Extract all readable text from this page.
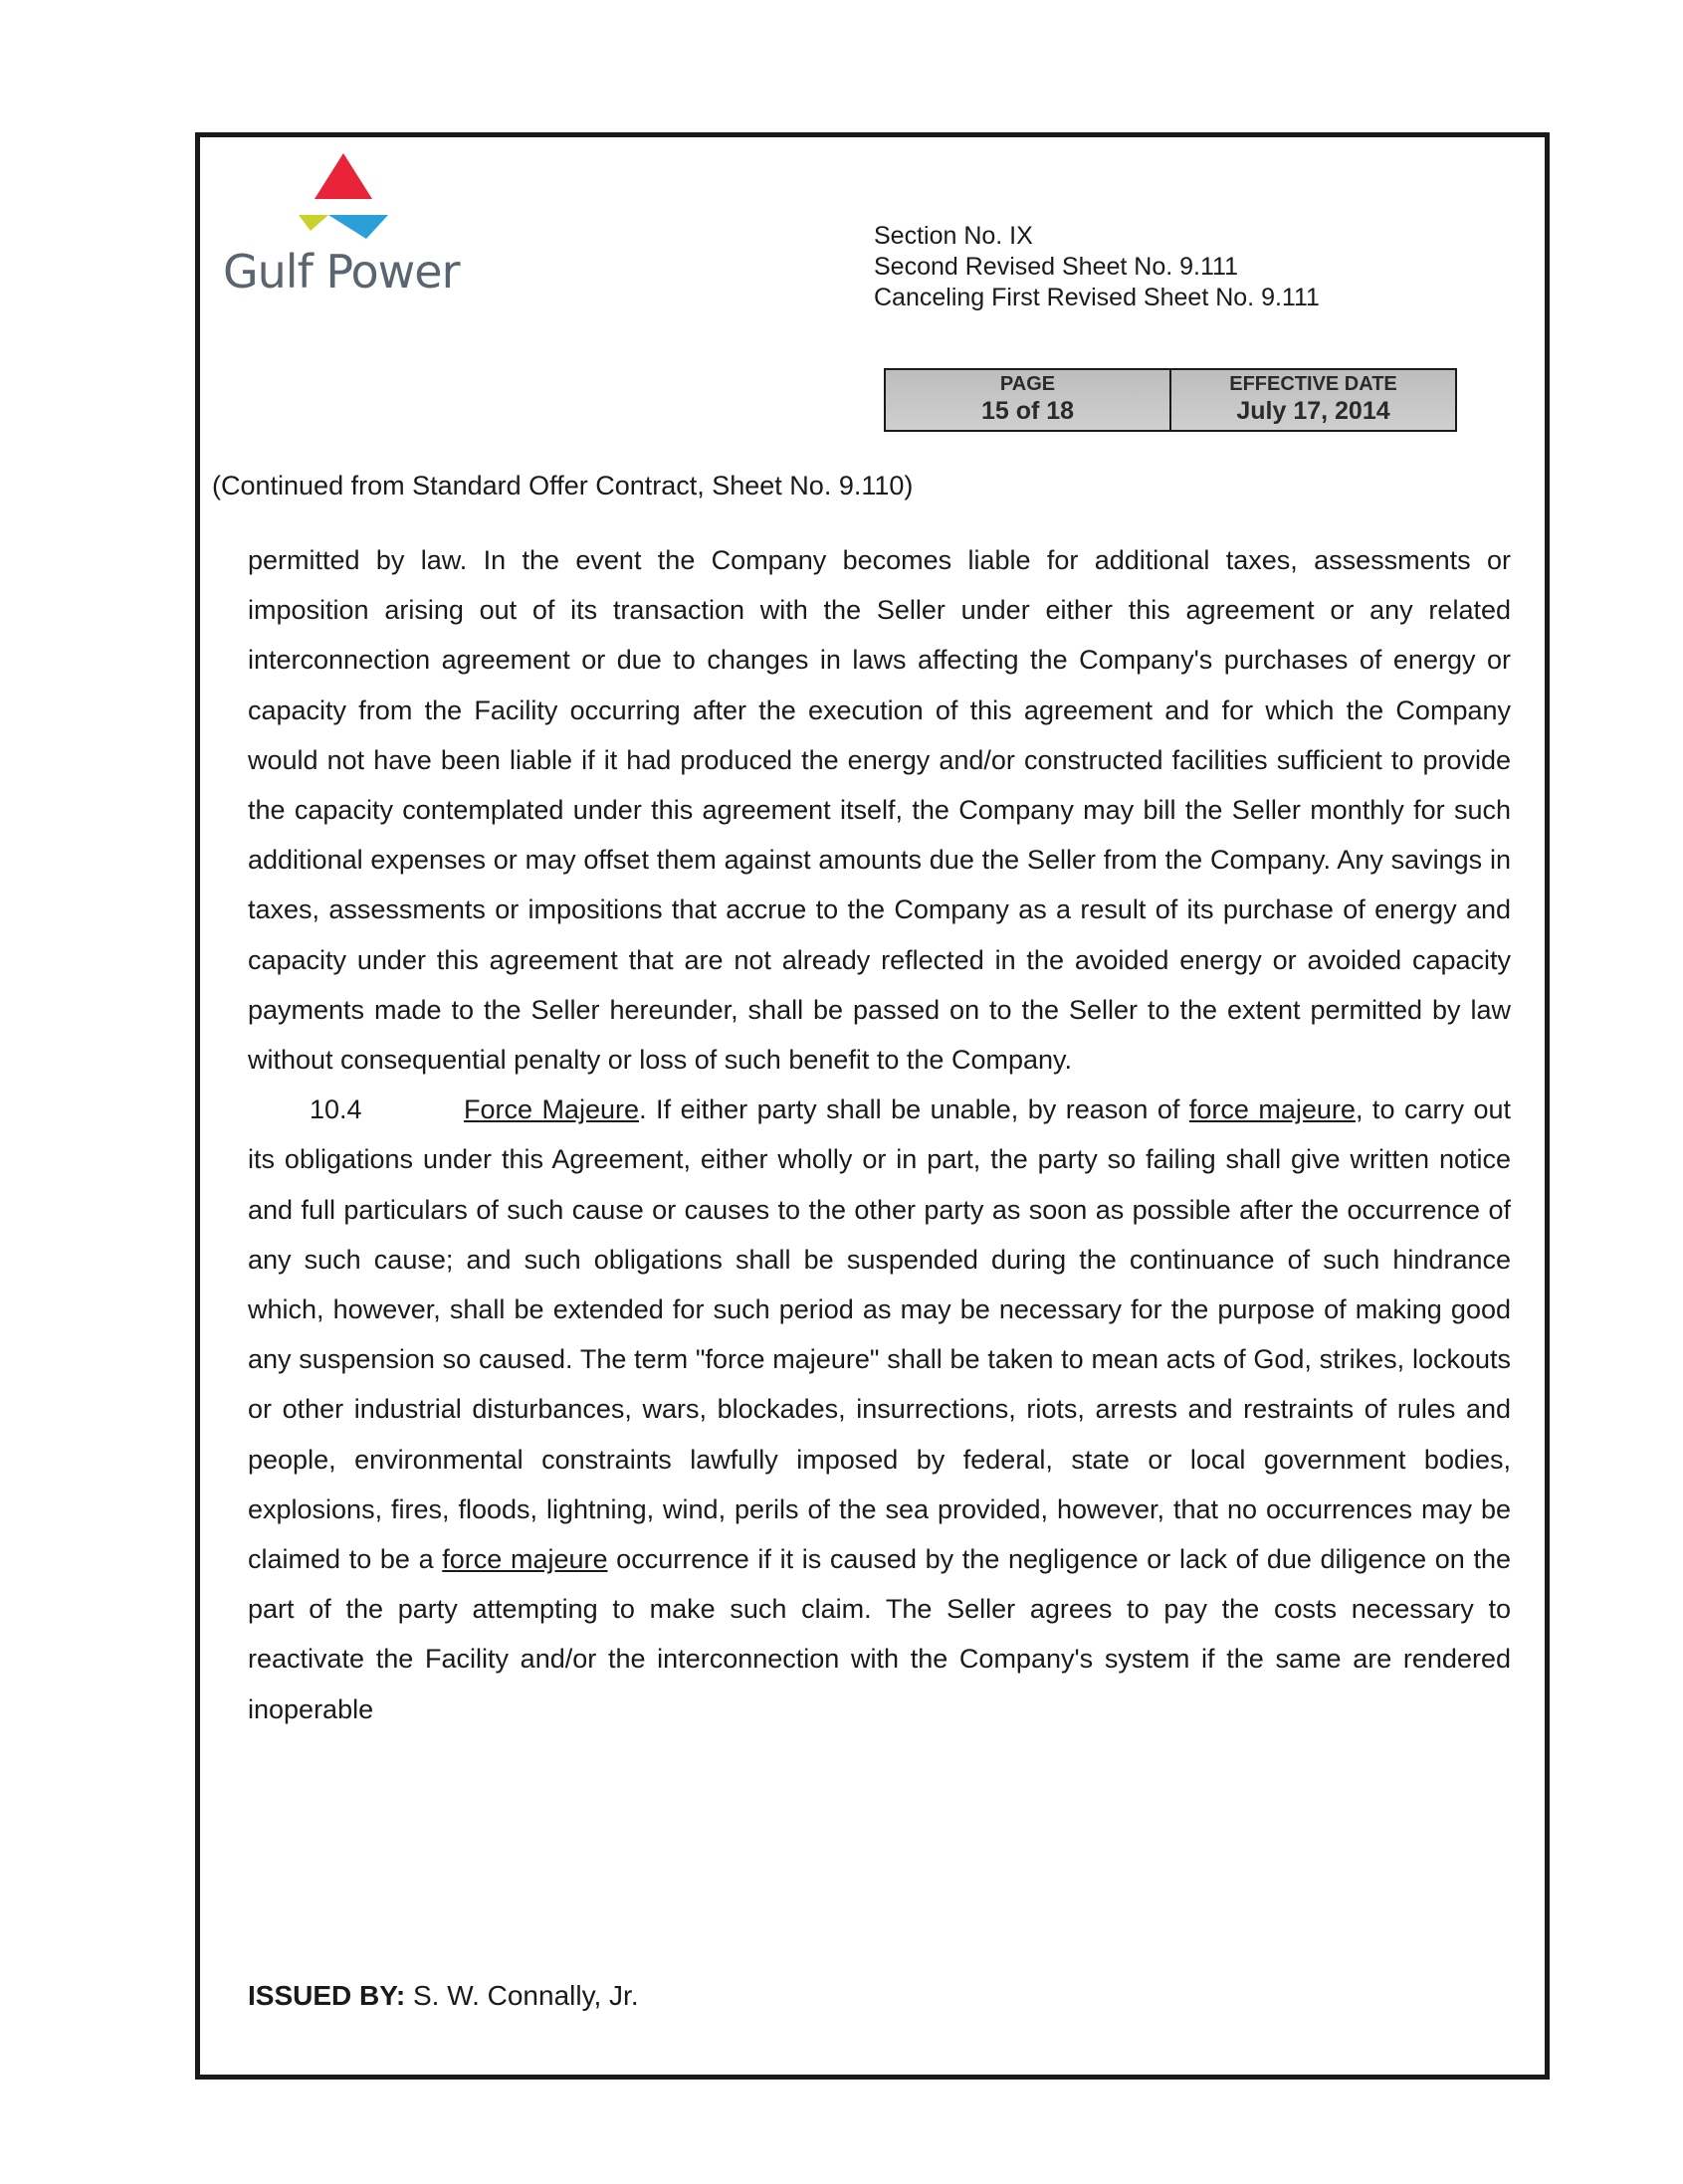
Gulf Power
Section No. IX
Second Revised Sheet No. 9.111
Canceling First Revised Sheet No. 9.111
PAGE
15 of 18
EFFECTIVE DATE
July 17, 2014
(Continued from Standard Offer Contract, Sheet No. 9.110)

permitted by law. In the event the Company becomes liable for additional taxes, assessments or imposition arising out of its transaction with the Seller under either this agreement or any related interconnection agreement or due to changes in laws affecting the Company's purchases of energy or capacity from the Facility occurring after the execution of this agreement and for which the Company would not have been liable if it had produced the energy and/or constructed facilities sufficient to provide the capacity contemplated under this agreement itself, the Company may bill the Seller monthly for such additional expenses or may offset them against amounts due the Seller from the Company. Any savings in taxes, assessments or impositions that accrue to the Company as a result of its purchase of energy and capacity under this agreement that are not already reflected in the avoided energy or avoided capacity payments made to the Seller hereunder, shall be passed on to the Seller to the extent permitted by law without consequential penalty or loss of such benefit to the Company.

10.4	Force Majeure. If either party shall be unable, by reason of force majeure, to carry out its obligations under this Agreement, either wholly or in part, the party so failing shall give written notice and full particulars of such cause or causes to the other party as soon as possible after the occurrence of any such cause; and such obligations shall be suspended during the continuance of such hindrance which, however, shall be extended for such period as may be necessary for the purpose of making good any suspension so caused. The term "force majeure" shall be taken to mean acts of God, strikes, lockouts or other industrial disturbances, wars, blockades, insurrections, riots, arrests and restraints of rules and people, environmental constraints lawfully imposed by federal, state or local government bodies, explosions, fires, floods, lightning, wind, perils of the sea provided, however, that no occurrences may be claimed to be a force majeure occurrence if it is caused by the negligence or lack of due diligence on the part of the party attempting to make such claim. The Seller agrees to pay the costs necessary to reactivate the Facility and/or the interconnection with the Company's system if the same are rendered inoperable

ISSUED BY: S. W. Connally, Jr.
